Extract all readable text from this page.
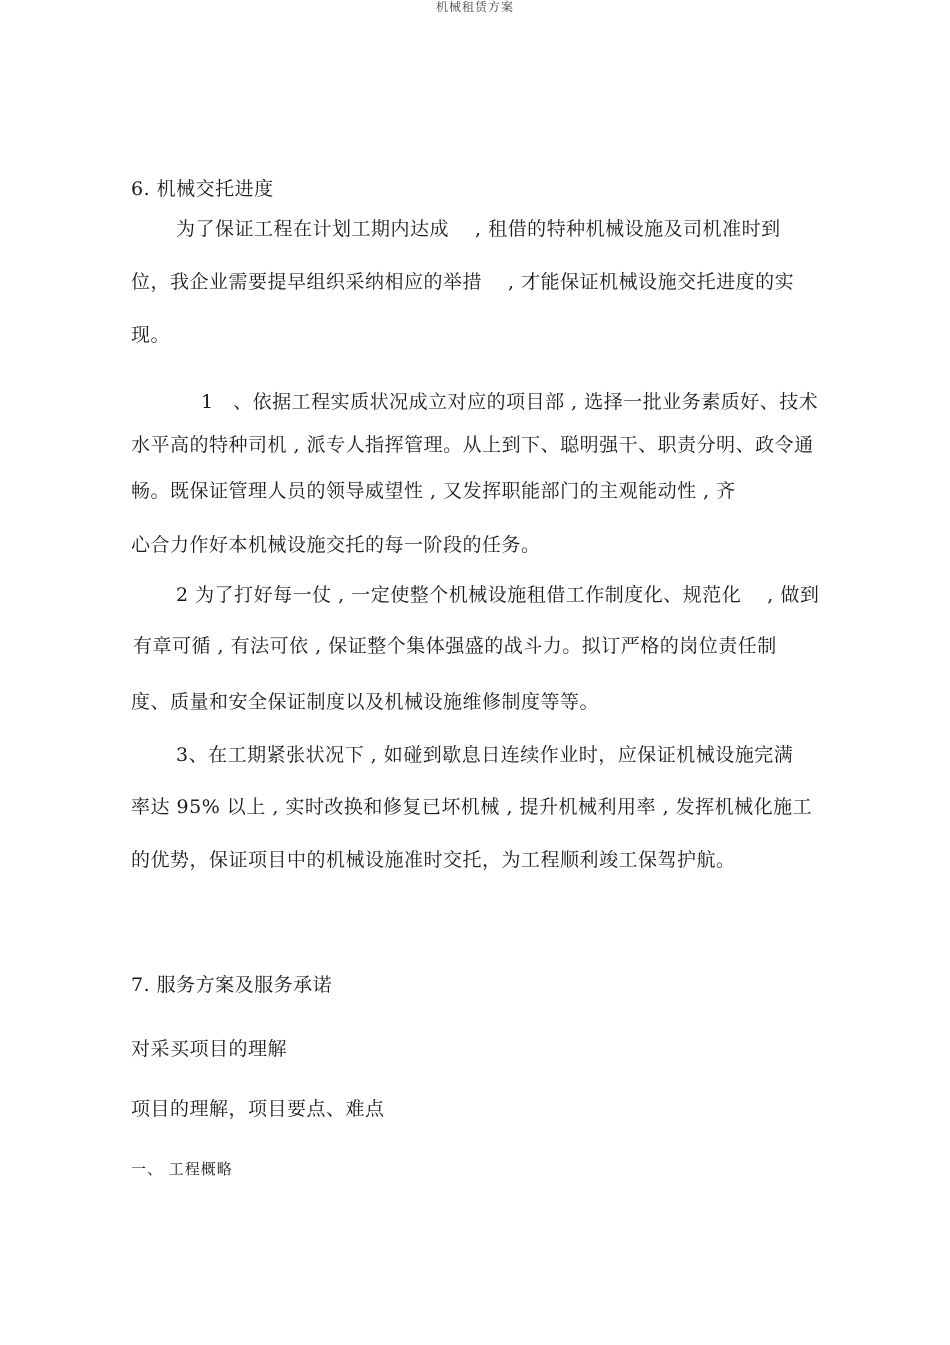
机械租赁方案
6. 机械交托进度
为了保证工程在计划工期内达成　 , 租借的特种机械设施及司机准时到
位，我企业需要提早组织采纳相应的举措　 , 才能保证机械设施交托进度的实
现。
1　、依据工程实质状况成立对应的项目部 , 选择一批业务素质好、技术
水平高的特种司机 , 派专人指挥管理。从上到下、聪明强干、职责分明、政令通
畅。既保证管理人员的领导威望性 , 又发挥职能部门的主观能动性 , 齐
心合力作好本机械设施交托的每一阶段的任务。
2 为了打好每一仗 , 一定使整个机械设施租借工作制度化、规范化　 , 做到
有章可循 , 有法可依 , 保证整个集体强盛的战斗力。拟订严格的岗位责任制
度、质量和安全保证制度以及机械设施维修制度等等。
3、在工期紧张状况下 , 如碰到歇息日连续作业时，应保证机械设施完满
率达 95% 以上 , 实时改换和修复已坏机械 , 提升机械利用率 , 发挥机械化施工
的优势，保证项目中的机械设施准时交托，为工程顺利竣工保驾护航。
7. 服务方案及服务承诺
对采买项目的理解
项目的理解，项目要点、难点
一、 工程概略
